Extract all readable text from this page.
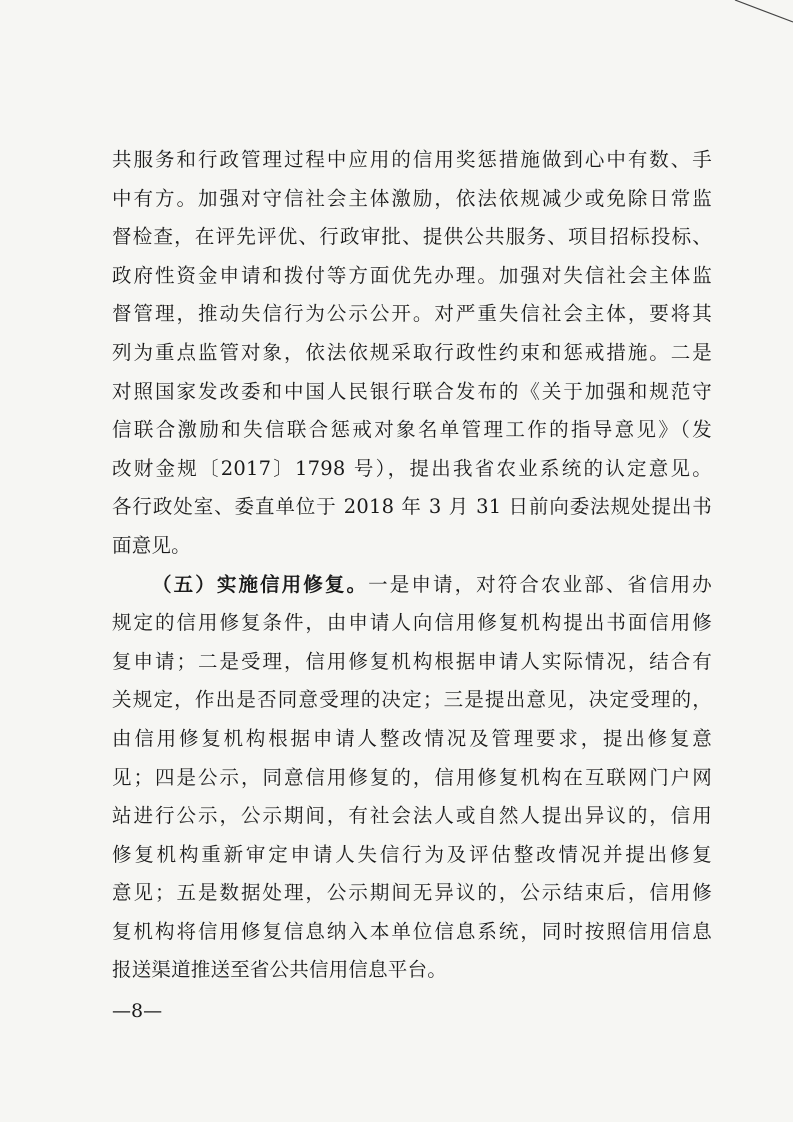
共服务和行政管理过程中应用的信用奖惩措施做到心中有数、手
中有方。加强对守信社会主体激励，依法依规减少或免除日常监
督检查，在评先评优、行政审批、提供公共服务、项目招标投标、
政府性资金申请和拨付等方面优先办理。加强对失信社会主体监
督管理，推动失信行为公示公开。对严重失信社会主体，要将其
列为重点监管对象，依法依规采取行政性约束和惩戒措施。二是
对照国家发改委和中国人民银行联合发布的《关于加强和规范守
信联合激励和失信联合惩戒对象名单管理工作的指导意见》（发
改财金规〔2017〕1798 号），提出我省农业系统的认定意见。
各行政处室、委直单位于 2018 年 3 月 31 日前向委法规处提出书
面意见。
（五）实施信用修复。一是申请，对符合农业部、省信用办
规定的信用修复条件，由申请人向信用修复机构提出书面信用修
复申请；二是受理，信用修复机构根据申请人实际情况，结合有
关规定，作出是否同意受理的决定；三是提出意见，决定受理的，
由信用修复机构根据申请人整改情况及管理要求，提出修复意
见；四是公示，同意信用修复的，信用修复机构在互联网门户网
站进行公示，公示期间，有社会法人或自然人提出异议的，信用
修复机构重新审定申请人失信行为及评估整改情况并提出修复
意见；五是数据处理，公示期间无异议的，公示结束后，信用修
复机构将信用修复信息纳入本单位信息系统，同时按照信用信息
报送渠道推送至省公共信用信息平台。
—8—
